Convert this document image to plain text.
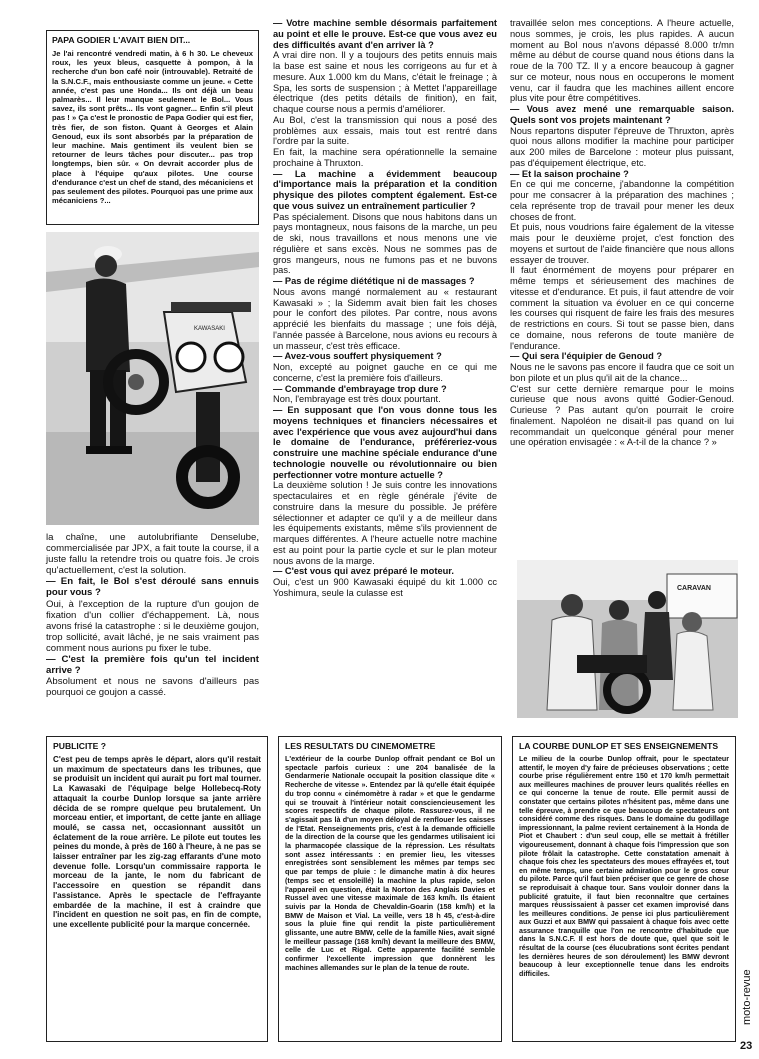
PAPA GODIER L'AVAIT BIEN DIT...
Je l'ai rencontré vendredi matin, à 6 h 30. Le cheveux roux, les yeux bleus, casquette à pompon, à la recherche d'un bon café noir (introuvable). Retraité de la S.N.C.F., mais enthousiaste comme un jeune. « Cette année, c'est pas une Honda... Ils ont déjà un beau palmarès... Il leur manque seulement le Bol... Vous savez, ils sont prêts... Ils vont gagner... Enfin s'il pleut pas ! » Ça c'est le pronostic de Papa Godier qui est fier, très fier, de son fiston. Quant à Georges et Alain Genoud, eux ils sont absorbés par la préparation de leur machine. Mais gentiment ils veulent bien se retourner de leurs tâches pour discuter... pas trop longtemps, bien sûr. « On devrait accorder plus de place à l'équipe qu'aux pilotes. Une course d'endurance c'est un chef de stand, des mécaniciens et pas seulement des pilotes. Pourquoi pas une prime aux mécaniciens ?...
KAWASAKI

la chaîne, une autolubrifiante Denselube, commercialisée par JPX, a fait toute la course, il a juste fallu la retendre trois ou quatre fois. Je crois qu'actuellement, c'est la solution.

— En fait, le Bol s'est déroulé sans ennuis pour vous ?

Oui, à l'exception de la rupture d'un goujon de fixation d'un collier d'échappement. Là, nous avons frisé la catastrophe : si le deuxième goujon, trop sollicité, avait lâché, je ne sais vraiment pas comment nous aurions pu fixer le tube.

— C'est la première fois qu'un tel incident arrive ?

Absolument et nous ne savons d'ailleurs pas pourquoi ce goujon a cassé.

— Votre machine semble désormais parfaitement au point et elle le prouve. Est-ce que vous avez eu des difficultés avant d'en arriver là ?

A vrai dire non. Il y a toujours des petits ennuis mais la base est saine et nous les corrigeons au fur et à mesure. Aux 1.000 km du Mans, c'était le freinage ; à Spa, les sorts de suspension ; à Mettet l'appareillage électrique (des petits détails de finition), en fait, chaque course nous a permis d'améliorer.

Au Bol, c'est la transmission qui nous a posé des problèmes aux essais, mais tout est rentré dans l'ordre par la suite.

En fait, la machine sera opérationnelle la semaine prochaine à Thruxton.

— La machine a évidemment beaucoup d'importance mais la préparation et la condition physique des pilotes comptent également. Est-ce que vous suivez un entraînement particulier ?

Pas spécialement. Disons que nous habitons dans un pays montagneux, nous faisons de la marche, un peu de ski, nous travaillons et nous menons une vie régulière et sans excès. Nous ne sommes pas de gros mangeurs, nous ne fumons pas et ne buvons pas.

— Pas de régime diététique ni de massages ?

Nous avons mangé normalement au « restaurant Kawasaki » ; la Sidemm avait bien fait les choses pour le confort des pilotes. Par contre, nous avons apprécié les bienfaits du massage ; une fois déjà, l'année passée à Barcelone, nous avions eu recours à un masseur, c'est très efficace.

— Avez-vous souffert physiquement ?

Non, excepté au poignet gauche en ce qui me concerne, c'est la première fois d'ailleurs.

— Commande d'embrayage trop dure ?

Non, l'embrayage est très doux pourtant.

— En supposant que l'on vous donne tous les moyens techniques et financiers nécessaires et avec l'expérience que vous avez aujourd'hui dans le domaine de l'endurance, préféreriez-vous construire une machine spéciale endurance d'une technologie nouvelle ou révolutionnaire ou bien perfectionner votre monture actuelle ?

La deuxième solution ! Je suis contre les innovations spectaculaires et en règle générale j'évite de construire dans la mesure du possible. Je préfère sélectionner et adapter ce qu'il y a de meilleur dans les équipements existants, même s'ils proviennent de marques différentes. A l'heure actuelle notre machine est au point pour la partie cycle et sur le plan moteur nous avons de la marge.

— C'est vous qui avez préparé le moteur.

Oui, c'est un 900 Kawasaki équipé du kit 1.000 cc Yoshimura, seule la culasse est

travaillée selon mes conceptions. A l'heure actuelle, nous sommes, je crois, les plus rapides. A aucun moment au Bol nous n'avons dépassé 8.000 tr/mn même au début de course quand nous étions dans la roue de la 700 TZ. Il y a encore beaucoup à gagner sur ce moteur, nous nous en occuperons le moment venu, car il faudra que les machines aillent encore plus vite pour être compétitives.

— Vous avez mené une remarquable saison. Quels sont vos projets maintenant ?

Nous repartons disputer l'épreuve de Thruxton, après quoi nous allons modifier la machine pour participer aux 200 miles de Barcelone : moteur plus puissant, pas d'équipement électrique, etc.

— Et la saison prochaine ?

En ce qui me concerne, j'abandonne la compétition pour me consacrer à la préparation des machines ; cela représente trop de travail pour mener les deux choses de front.

Et puis, nous voudrions faire également de la vitesse mais pour le deuxième projet, c'est fonction des moyens et surtout de l'aide financière que nous allons essayer de trouver.

Il faut énormément de moyens pour préparer en même temps et sérieusement des machines de vitesse et d'endurance. Et puis, il faut attendre de voir comment la situation va évoluer en ce qui concerne les courses qui risquent de faire les frais des mesures de restrictions en cours. Si tout se passe bien, dans ce domaine, nous referons de toute manière de l'endurance.

— Qui sera l'équipier de Genoud ?

Nous ne le savons pas encore il faudra que ce soit un bon pilote et un plus qu'il ait de la chance...

C'est sur cette dernière remarque pour le moins curieuse que nous avons quitté Godier-Genoud. Curieuse ? Pas autant qu'on pourrait le croire finalement. Napoléon ne disait-il pas quand on lui recommandait un quelconque général pour mener une opération envisagée : « A-t-il de la chance ? »

CARAVAN
PUBLICITE ?
C'est peu de temps après le départ, alors qu'il restait un maximum de spectateurs dans les tribunes, que se produisit un incident qui aurait pu fort mal tourner. La Kawasaki de l'équipage belge Hollebecq-Roty attaquait la courbe Dunlop lorsque sa jante arrière décida de se rompre quelque peu brutalement. Un morceau entier, et important, de cette jante en alliage moulé, se cassa net, occasionnant aussitôt un éclatement de la roue arrière. Le pilote eut toutes les peines du monde, à près de 160 à l'heure, à ne pas se laisser entraîner par les zig-zag effarants d'une moto devenue folle. Lorsqu'un commissaire rapporta le morceau de la jante, le nom du fabricant de l'accessoire en question se répandit dans l'assistance. Après le spectacle de l'effrayante embardée de la machine, il est à craindre que l'incident en question ne soit pas, en fin de compte, une excellente publicité pour la marque concernée.
LES RESULTATS DU CINEMOMETRE
L'extérieur de la courbe Dunlop offrait pendant ce Bol un spectacle parfois curieux : une 204 banalisée de la Gendarmerie Nationale occupait la position classique dite « Recherche de vitesse ». Entendez par là qu'elle était équipée du trop connu « cinémomètre à radar » et que le gendarme qui se trouvait à l'intérieur notait consciencieusement les scores respectifs de chaque pilote. Rassurez-vous, il ne s'agissait pas là d'un moyen déloyal de renflouer les caisses de l'Etat. Renseignements pris, c'est à la demande officielle de la direction de la course que les gendarmes utilisaient ici la pharmacopée classique de la répression. Les résultats sont assez intéressants : en premier lieu, les vitesses enregistrées sont sensiblement les mêmes par temps sec que par temps de pluie : le dimanche matin à dix heures (temps sec et ensoleillé) la machine la plus rapide, selon l'appareil en question, était la Norton des Anglais Davies et Russel avec une vitesse maximale de 163 km/h. Ils étaient suivis par la Honda de Chevaldin-Goarin (158 km/h) et la BMW de Maison et Vial. La veille, vers 18 h 45, c'est-à-dire sous la pluie fine qui rendit la piste particulièrement glissante, une autre BMW, celle de la famille Nies, avait signé le meilleur passage (168 km/h) devant la meilleure des BMW, celle de Luc et Rigal. Cette apparente facilité semble confirmer l'excellente impression que donnèrent les machines allemandes sur le plan de la tenue de route.
LA COURBE DUNLOP ET SES ENSEIGNEMENTS
Le milieu de la courbe Dunlop offrait, pour le spectateur attentif, le moyen d'y faire de précieuses observations ; cette courbe prise régulièrement entre 150 et 170 km/h permettait aux meilleures machines de prouver leurs qualités réelles en ce qui concerne la tenue de route. Elle permit aussi de constater que certains pilotes n'hésitent pas, même dans une telle épreuve, à prendre ce que beaucoup de spectateurs ont considéré comme des risques. Dans le domaine du godillage impressionnant, la palme revient certainement à la Honda de Piot et Chaubert : d'un seul coup, elle se mettait à frétiller vigoureusement, donnant à chaque fois l'impression que son pilote frôlait la catastrophe. Cette constatation amenait à chaque fois chez les spectateurs des moues effrayées et, tout en même temps, une certaine admiration pour le gros cœur du pilote. Parce qu'il faut bien préciser que ce genre de chose se reproduisait à chaque tour. Sans vouloir donner dans la publicité gratuite, il faut bien reconnaître que certaines marques réussissaient à passer cet examen improvisé dans les meilleures conditions. Je pense ici plus particulièrement aux Guzzi et aux BMW qui passaient à chaque fois avec cette assurance tranquille que l'on ne rencontre d'habitude que dans la S.N.C.F. Il est hors de doute que, quel que soit le résultat de la course (ces élucubrations sont écrites pendant les dernières heures de son déroulement) les BMW devront beaucoup à leur exceptionnelle tenue dans les endroits difficiles.	moto-revue
23
